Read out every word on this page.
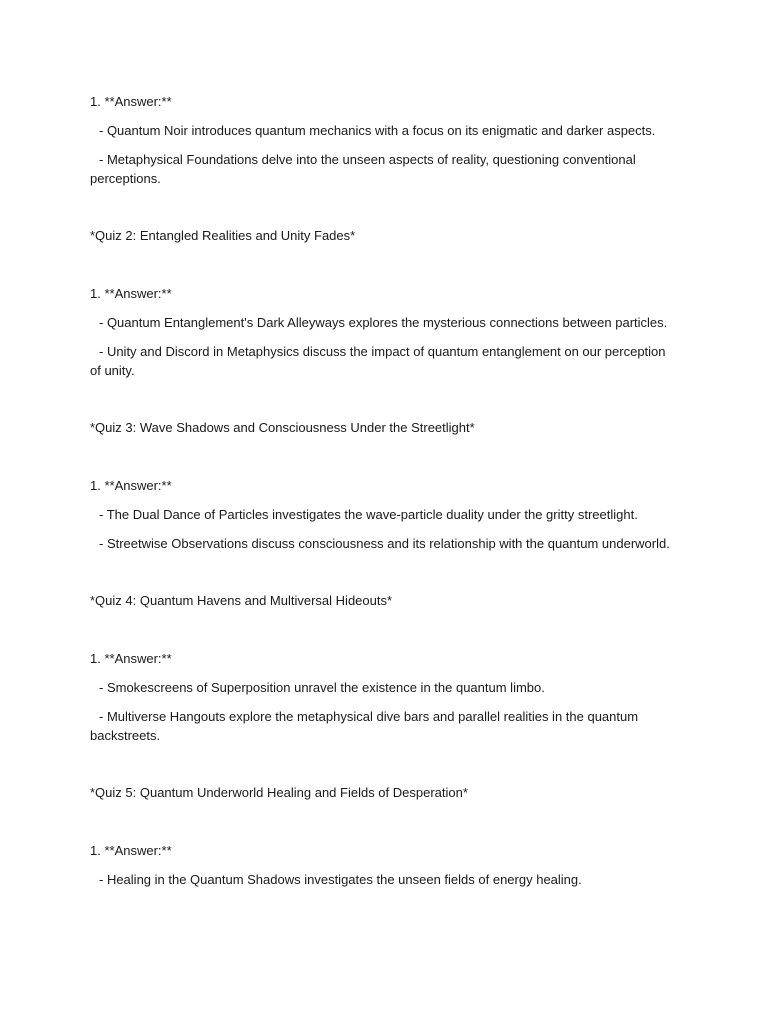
1. **Answer:**

- Quantum Noir introduces quantum mechanics with a focus on its enigmatic and darker aspects.

- Metaphysical Foundations delve into the unseen aspects of reality, questioning conventional perceptions.

*Quiz 2: Entangled Realities and Unity Fades*

1. **Answer:**

- Quantum Entanglement's Dark Alleyways explores the mysterious connections between particles.

- Unity and Discord in Metaphysics discuss the impact of quantum entanglement on our perception of unity.

*Quiz 3: Wave Shadows and Consciousness Under the Streetlight*

1. **Answer:**

- The Dual Dance of Particles investigates the wave-particle duality under the gritty streetlight.

- Streetwise Observations discuss consciousness and its relationship with the quantum underworld.

*Quiz 4: Quantum Havens and Multiversal Hideouts*

1. **Answer:**

- Smokescreens of Superposition unravel the existence in the quantum limbo.

- Multiverse Hangouts explore the metaphysical dive bars and parallel realities in the quantum backstreets.

*Quiz 5: Quantum Underworld Healing and Fields of Desperation*

1. **Answer:**

- Healing in the Quantum Shadows investigates the unseen fields of energy healing.
